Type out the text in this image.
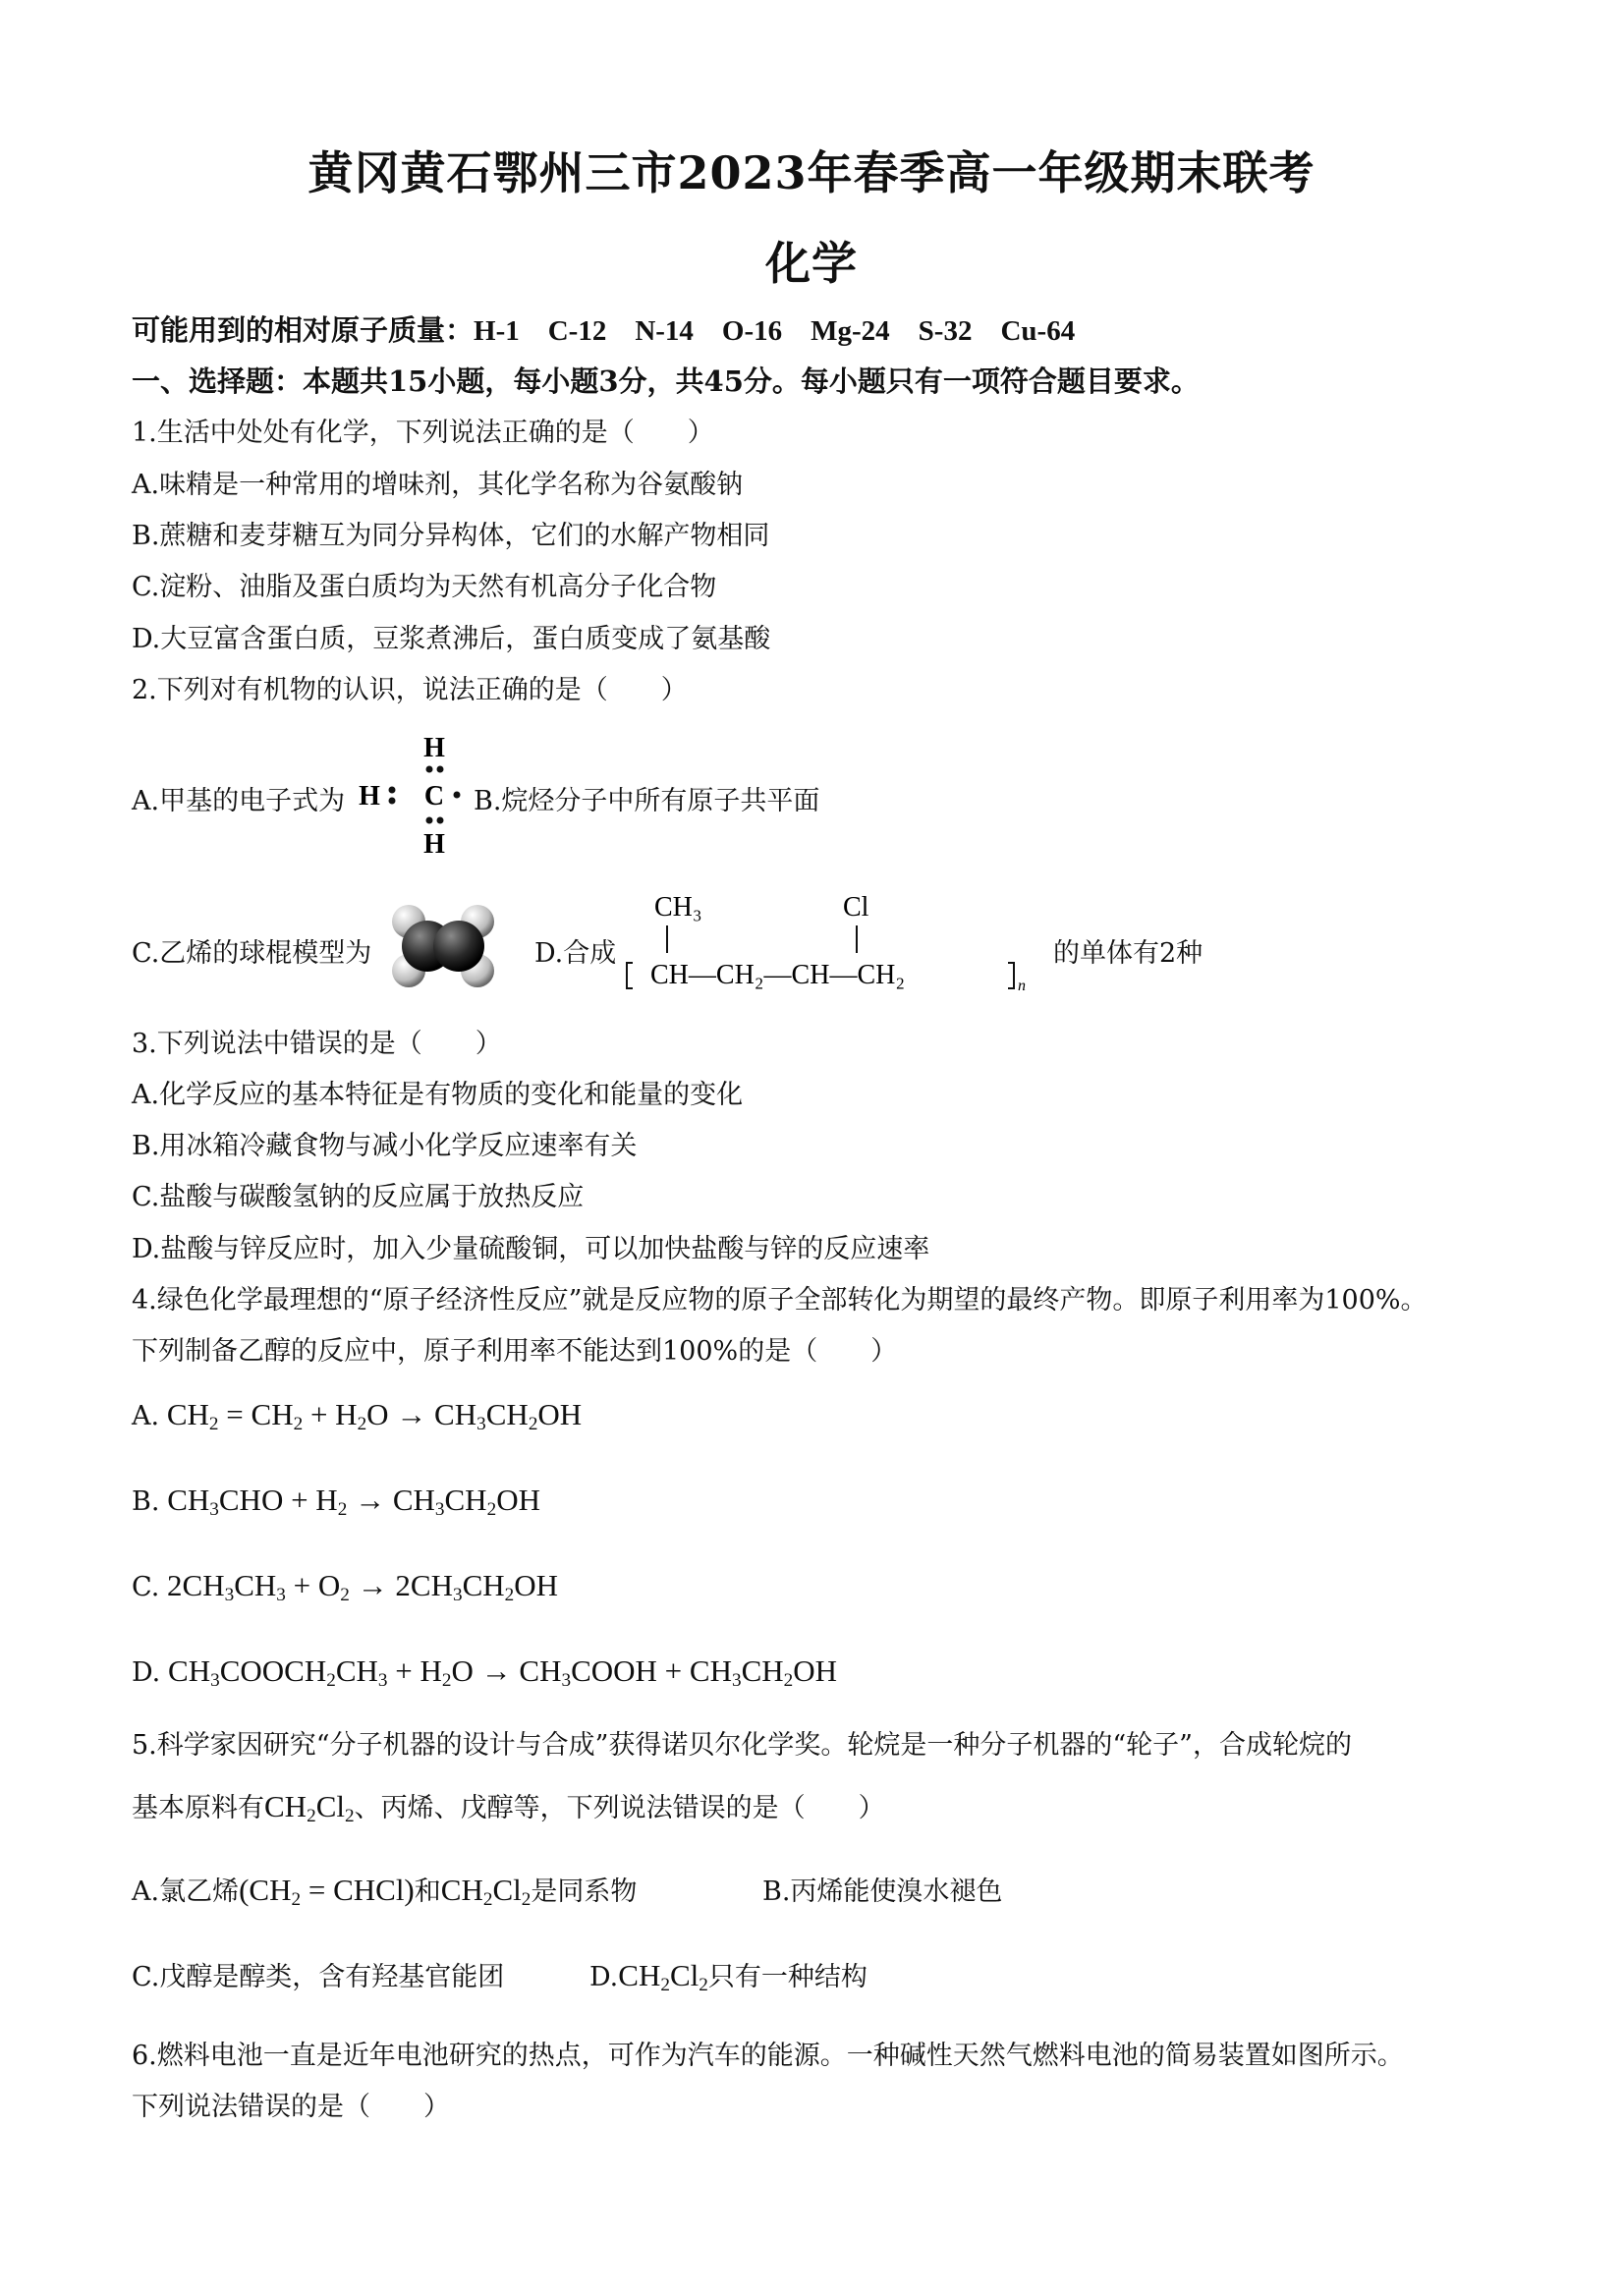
黄冈黄石鄂州三市2023年春季高一年级期末联考
化学
可能用到的相对原子质量：H-1　C-12　N-14　O-16　Mg-24　S-32　Cu-64
一、选择题：本题共15小题，每小题3分，共45分。每小题只有一项符合题目要求。
1.生活中处处有化学，下列说法正确的是（　　）
A.味精是一种常用的增味剂，其化学名称为谷氨酸钠
B.蔗糖和麦芽糖互为同分异构体，它们的水解产物相同
C.淀粉、油脂及蛋白质均为天然有机高分子化合物
D.大豆富含蛋白质，豆浆煮沸后，蛋白质变成了氨基酸
2.下列对有机物的认识，说法正确的是（　　）
A.甲基的电子式为
H
H C
H
B.烷烃分子中所有原子共平面
C.乙烯的球棍模型为	D.合成
CH₃	Cl
CH—CH₂—CH—CH₂	n
的单体有2种
3.下列说法中错误的是（　　）
A.化学反应的基本特征是有物质的变化和能量的变化
B.用冰箱冷藏食物与减小化学反应速率有关
C.盐酸与碳酸氢钠的反应属于放热反应
D.盐酸与锌反应时，加入少量硫酸铜，可以加快盐酸与锌的反应速率
4.绿色化学最理想的“原子经济性反应”就是反应物的原子全部转化为期望的最终产物。即原子利用率为100%。
下列制备乙醇的反应中，原子利用率不能达到100%的是（　　）
A. $CH_2 = CH_2 + H_2O \to CH_3CH_2OH$
B. $CH_3CHO + H_2 \to CH_3CH_2OH$
C. $2CH_3CH_3 + O_2 \to 2CH_3CH_2OH$
D. $CH_3COOCH_2CH_3 + H_2O$ → $CH_3COOH + CH_3CH_2OH$
5.科学家因研究“分子机器的设计与合成”获得诺贝尔化学奖。轮烷是一种分子机器的“轮子”，合成轮烷的
基本原料有$CH_2Cl_2$、丙烯、戊醇等，下列说法错误的是（　　）
A.氯乙烯($CH_2$ = CHCl)和$CH_2Cl_2$是同系物	B.丙烯能使溴水褪色
C.戊醇是醇类，含有羟基官能团	$D.CH_2Cl_2$只有一种结构
6.燃料电池一直是近年电池研究的热点，可作为汽车的能源。一种碱性天然气燃料电池的简易装置如图所示。
下列说法错误的是（　　）
